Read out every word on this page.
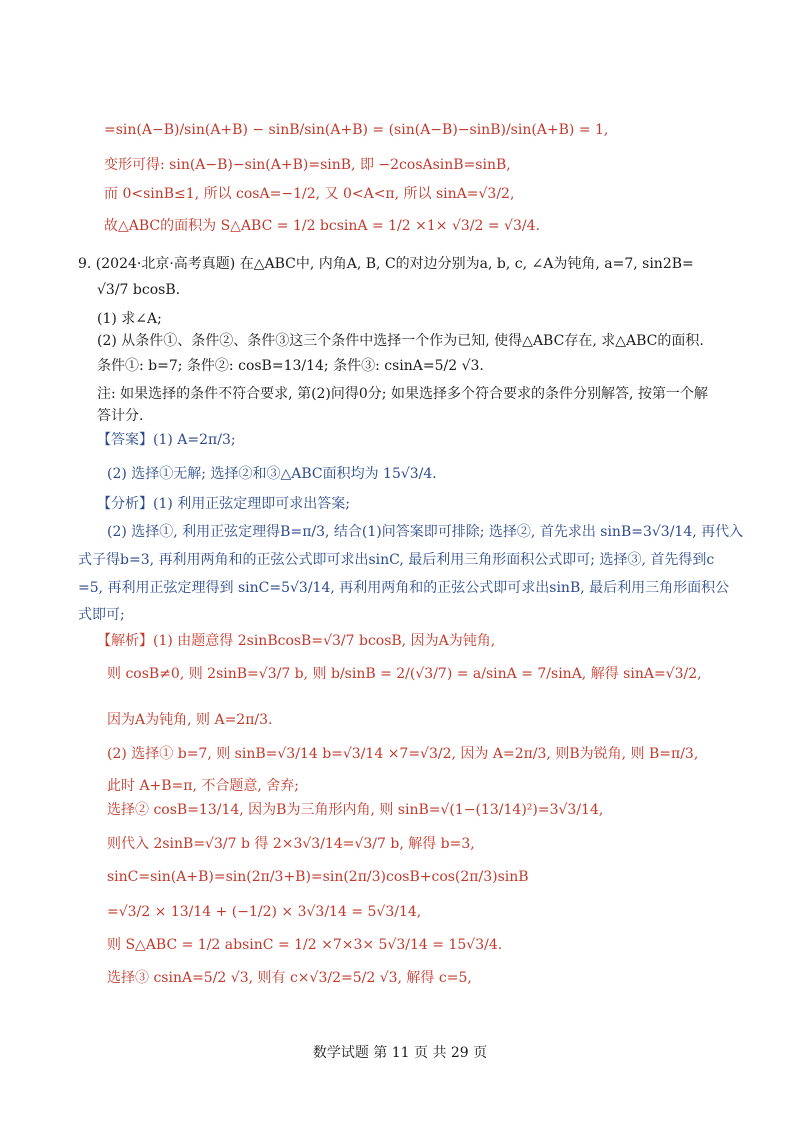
=sin(A−B)/sin(A+B) − sinB/sin(A+B) = (sin(A−B)−sinB)/sin(A+B) = 1,
变形可得: sin(A−B)−sin(A+B)=sinB, 即 −2cosAsinB=sinB,
而 0<sinB≤1, 所以 cosA=−1/2, 又 0<A<π, 所以 sinA=√3/2,
故△ABC的面积为 S△ABC = 1/2 bcsinA = 1/2 ×1× √3/2 = √3/4.
9. (2024·北京·高考真题) 在△ABC中, 内角A, B, C的对边分别为a, b, c, ∠A为钝角, a=7, sin2B=
√3/7 bcosB.
(1) 求∠A;
(2) 从条件①、条件②、条件③这三个条件中选择一个作为已知, 使得△ABC存在, 求△ABC的面积.
条件①: b=7; 条件②: cosB=13/14; 条件③: csinA=5/2 √3.
注: 如果选择的条件不符合要求, 第(2)问得0分; 如果选择多个符合要求的条件分别解答, 按第一个解
答计分.
【答案】(1) A=2π/3;
(2) 选择①无解; 选择②和③△ABC面积均为 15√3/4.
【分析】(1) 利用正弦定理即可求出答案;
(2) 选择①, 利用正弦定理得B=π/3, 结合(1)问答案即可排除; 选择②, 首先求出 sinB=3√3/14, 再代入
式子得b=3, 再利用两角和的正弦公式即可求出sinC, 最后利用三角形面积公式即可; 选择③, 首先得到c
=5, 再利用正弦定理得到 sinC=5√3/14, 再利用两角和的正弦公式即可求出sinB, 最后利用三角形面积公
式即可;
【解析】(1) 由题意得 2sinBcosB=√3/7 bcosB, 因为A为钝角,
则 cosB≠0, 则 2sinB=√3/7 b, 则 b/sinB = 2/(√3/7) = a/sinA = 7/sinA, 解得 sinA=√3/2,
因为A为钝角, 则 A=2π/3.
(2) 选择① b=7, 则 sinB=√3/14 b=√3/14 ×7=√3/2, 因为 A=2π/3, 则B为锐角, 则 B=π/3,
此时 A+B=π, 不合题意, 舍弃;
选择② cosB=13/14, 因为B为三角形内角, 则 sinB=√(1−(13/14)²)=3√3/14,
则代入 2sinB=√3/7 b 得 2×3√3/14=√3/7 b, 解得 b=3,
sinC=sin(A+B)=sin(2π/3+B)=sin(2π/3)cosB+cos(2π/3)sinB
=√3/2 × 13/14 + (−1/2) × 3√3/14 = 5√3/14,
则 S△ABC = 1/2 absinC = 1/2 ×7×3× 5√3/14 = 15√3/4.
选择③ csinA=5/2 √3, 则有 c×√3/2=5/2 √3, 解得 c=5,
数学试题 第 11 页 共 29 页
